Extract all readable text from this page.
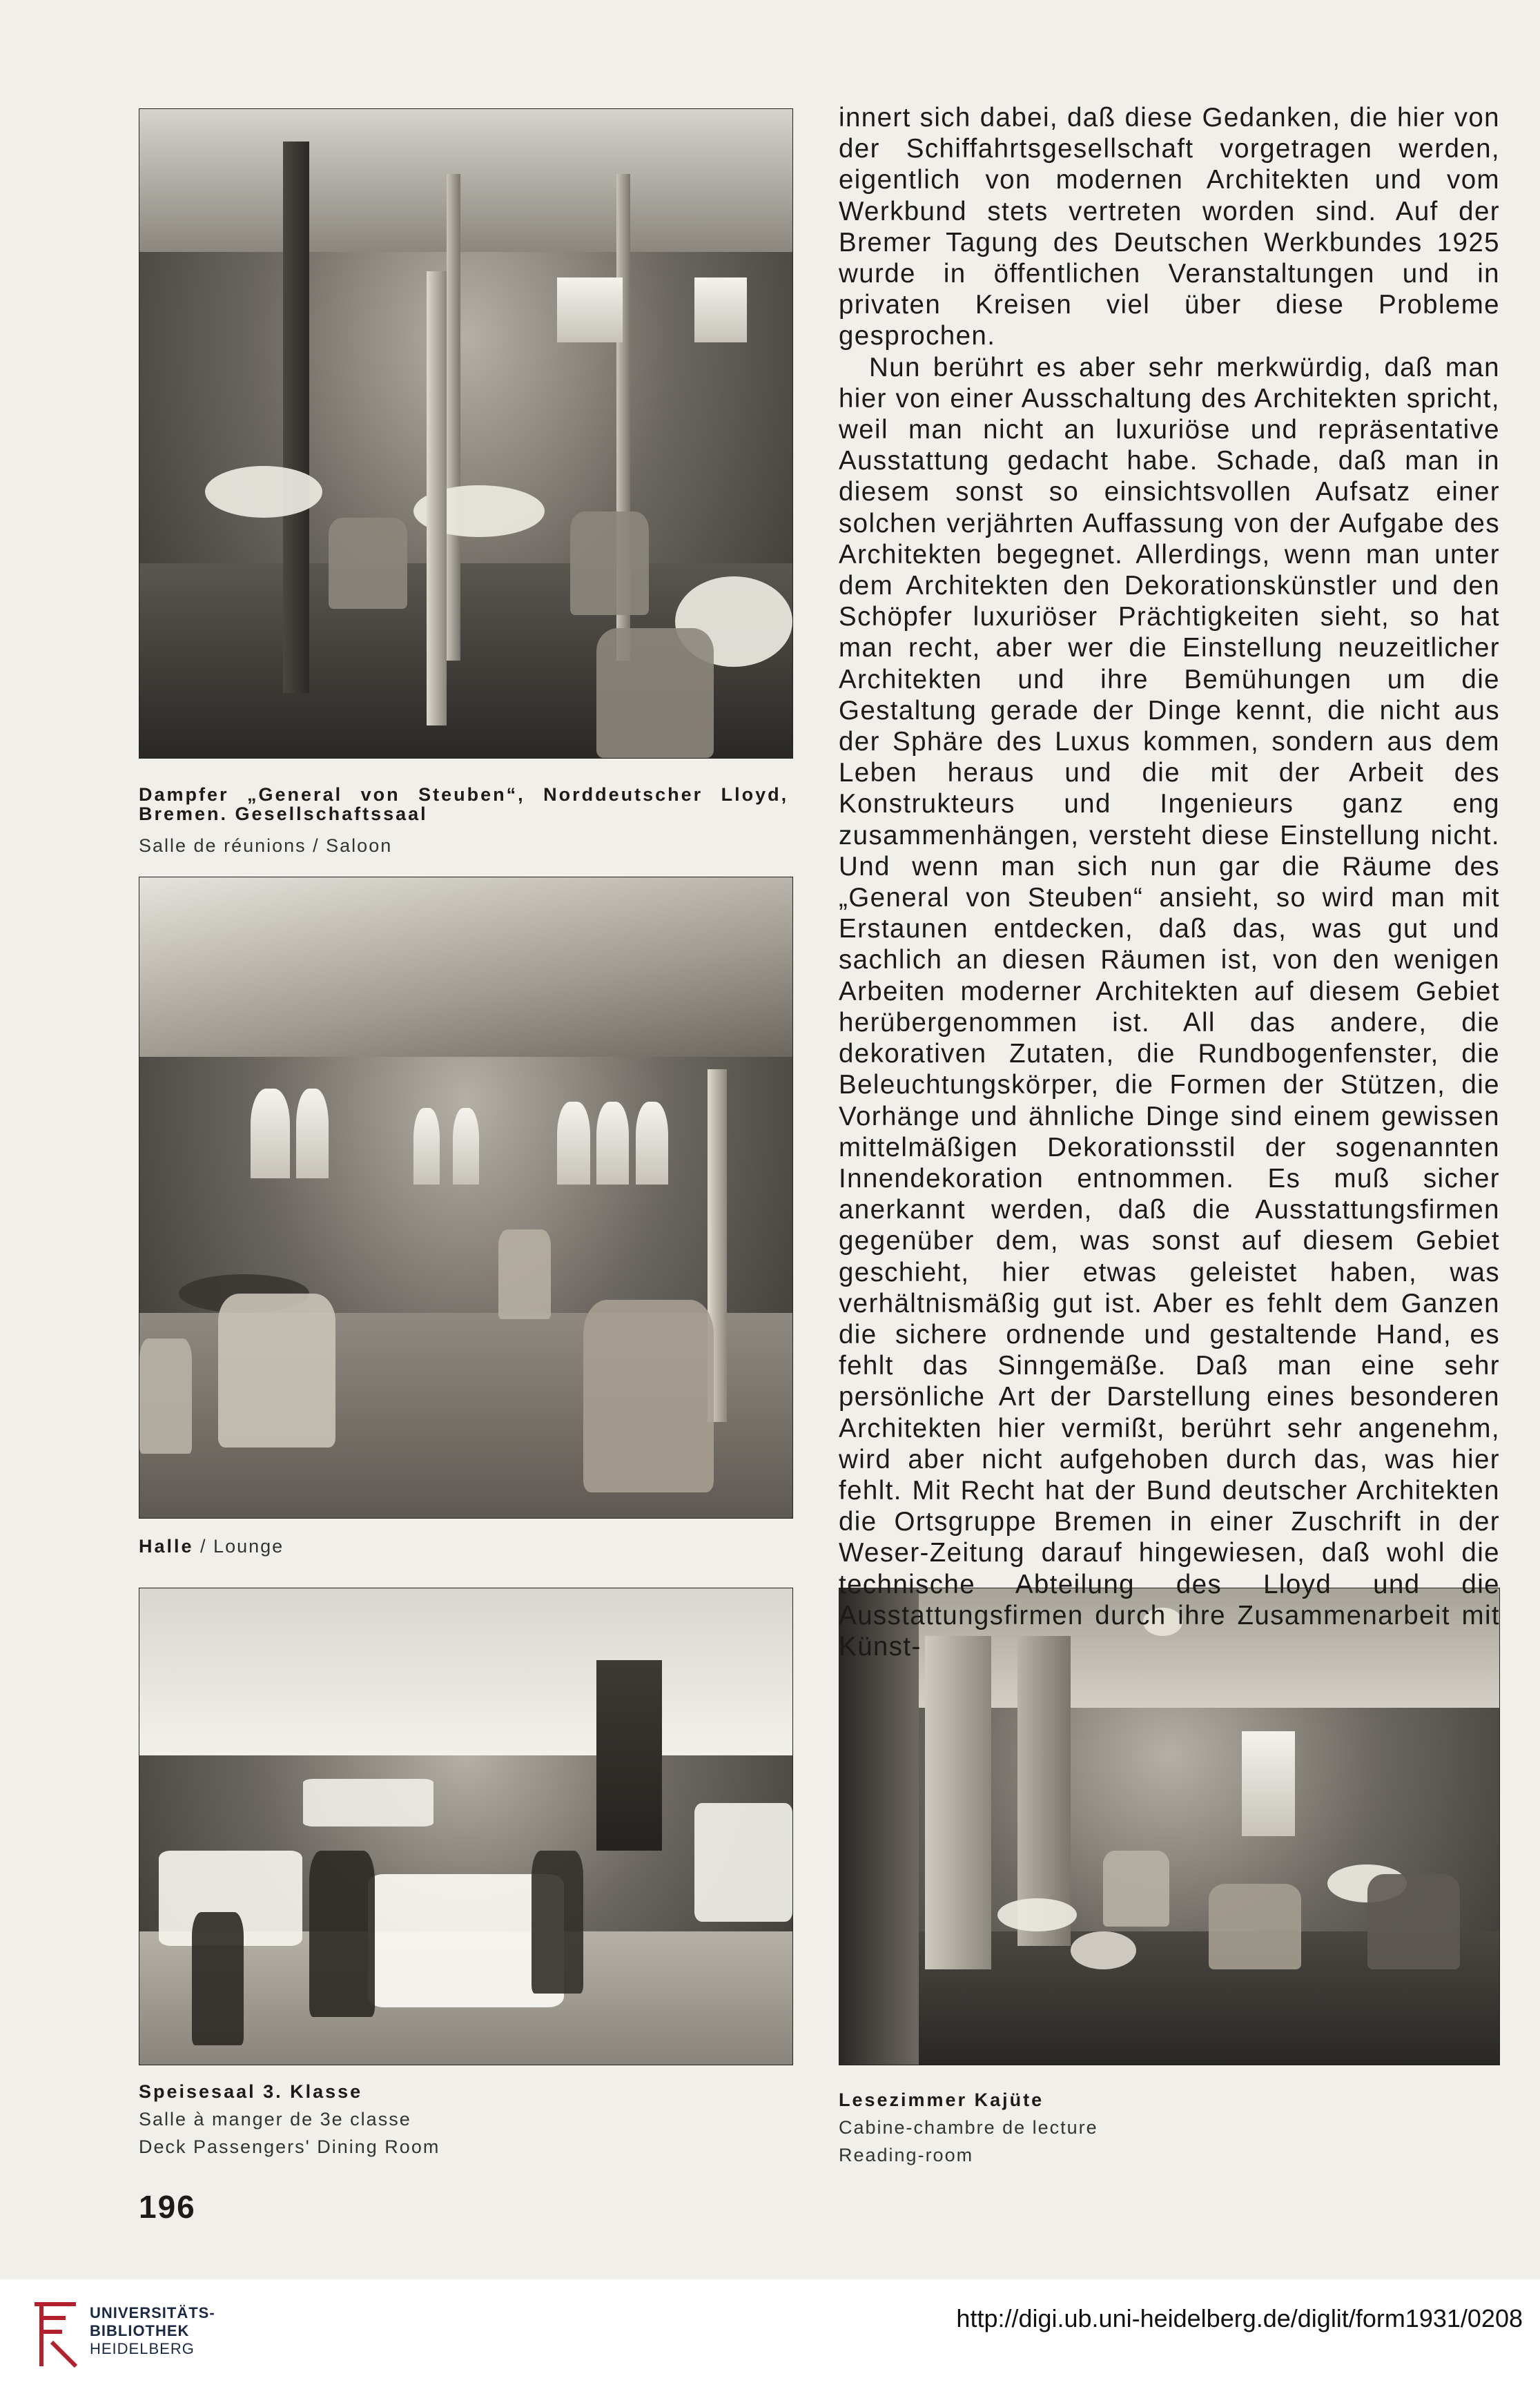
Dampfer „General von Steuben“, Norddeutscher Lloyd,
Bremen. Gesellschaftssaal
Salle de réunions / Saloon
Halle / Lounge
Speisesaal 3. Klasse
Salle à manger de 3e classe
Deck Passengers' Dining Room
Lesezimmer Kajüte
Cabine-chambre de lecture
Reading-room

innert sich dabei, daß diese Gedanken, die hier von der Schiffahrtsgesellschaft vorgetragen werden, eigentlich von modernen Architekten und vom Werkbund stets vertreten worden sind. Auf der Bremer Tagung des Deutschen Werkbundes 1925 wurde in öffentlichen Veranstaltungen und in privaten Kreisen viel über diese Probleme gesprochen.

Nun berührt es aber sehr merkwürdig, daß man hier von einer Ausschaltung des Architekten spricht, weil man nicht an luxuriöse und repräsentative Ausstattung gedacht habe. Schade, daß man in diesem sonst so einsichtsvollen Aufsatz einer solchen verjährten Auffassung von der Aufgabe des Architekten begegnet. Allerdings, wenn man unter dem Architekten den Dekorationskünstler und den Schöpfer luxuriöser Prächtigkeiten sieht, so hat man recht, aber wer die Einstellung neuzeitlicher Architekten und ihre Bemühungen um die Gestaltung gerade der Dinge kennt, die nicht aus der Sphäre des Luxus kommen, sondern aus dem Leben heraus und die mit der Arbeit des Konstrukteurs und Ingenieurs ganz eng zusammenhängen, versteht diese Einstellung nicht. Und wenn man sich nun gar die Räume des „General von Steuben“ ansieht, so wird man mit Erstaunen entdecken, daß das, was gut und sachlich an diesen Räumen ist, von den wenigen Arbeiten moderner Architekten auf diesem Gebiet herübergenommen ist. All das andere, die dekorativen Zutaten, die Rundbogenfenster, die Beleuchtungskörper, die Formen der Stützen, die Vorhänge und ähnliche Dinge sind einem gewissen mittelmäßigen Dekorationsstil der sogenannten Innendekoration entnommen. Es muß sicher anerkannt werden, daß die Ausstattungsfirmen gegenüber dem, was sonst auf diesem Gebiet geschieht, hier etwas geleistet haben, was verhältnismäßig gut ist. Aber es fehlt dem Ganzen die sichere ordnende und gestaltende Hand, es fehlt das Sinngemäße. Daß man eine sehr persönliche Art der Darstellung eines besonderen Architekten hier vermißt, berührt sehr angenehm, wird aber nicht aufgehoben durch das, was hier fehlt. Mit Recht hat der Bund deutscher Architekten die Ortsgruppe Bremen in einer Zuschrift in der Weser-Zeitung darauf hingewiesen, daß wohl die technische Abteilung des Lloyd und die Ausstattungsfirmen durch ihre Zusammenarbeit mit Künst-

196
UNIVERSITÄTS-
BIBLIOTHEK
HEIDELBERG
http://digi.ub.uni-heidelberg.de/diglit/form1931/0208
